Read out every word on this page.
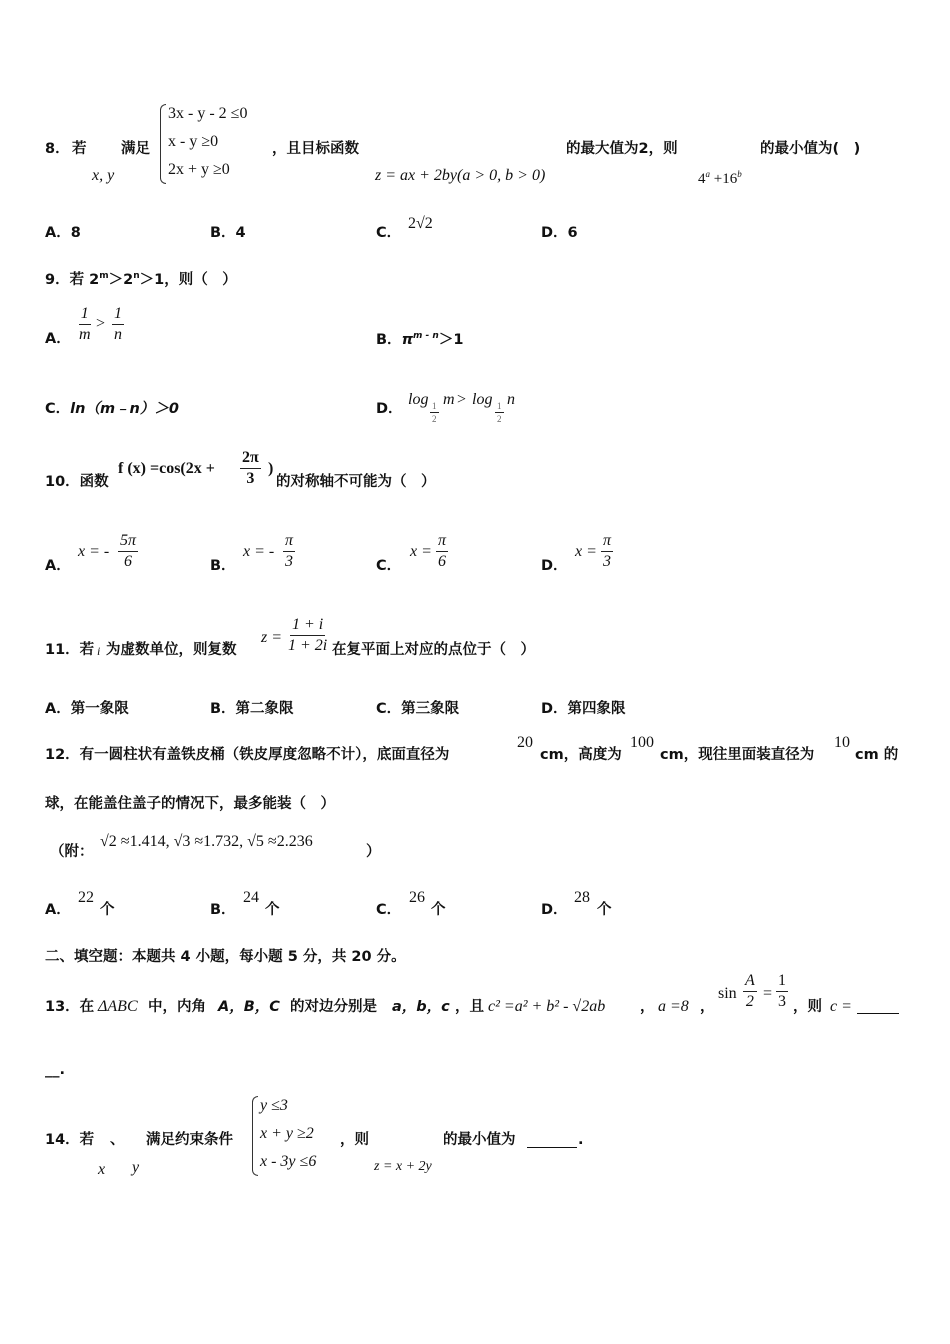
8． 若
x, y
满足
3x - y - 2 ≤0
x - y ≥0
2x + y ≥0
，且目标函数
z = ax + 2by(a > 0, b > 0)
的最大值为2，则
$4^a +16^b$
的最小值为(　)
A．8	B．4	C．
2√2
D．6
9．若 $2^m>2^n>1$，则（　）
A． $\frac{1}{m} > \frac{1}{n}$	B．$\pi^{m - n}>1$
C．ln（m﹣n）＞0	D．
log
$\frac{1}{2}$
m > log
$\frac{1}{2}$
n
10．函数
f $(x) =\cos(2x + \frac{2\pi}{3}$ )
的对称轴不可能为（　）
A．
x = - $\frac{5\pi}{6}$	B．
x = - $\frac{\pi}{3}$	C．
$x = \frac{\pi}{6}$	D．
$x = \frac{\pi}{3}$
11．若 i 为虚数单位，则复数
$z = \frac{1 + i}{1 + 2i}$ 在复平面上对应的点位于（　）
A．第一象限	B．第二象限	C．第三象限	D．第四象限
12．有一圆柱状有盖铁皮桶（铁皮厚度忽略不计），底面直径为
20
cm，高度为
100
cm，现往里面装直径为
10
cm 的
球，在能盖住盖子的情况下，最多能装（　）
（附：
√2 ≈1.414, √3 ≈1.732, √5 ≈2.236
）
A．
22
个	B．
24
个	C．
26
个	D．
28
个
二、填空题：本题共 4 小题，每小题 5 分，共 20 分。
13．在 ΔABC 中，内角 A，B，C 的对边分别是 a，b，c ，且 c² =a² + b² - √2ab ， a =8 ，
$\sin \frac{A}{2} = \frac{1}{3}$ ，则 c =
__.
14．若
x
、
y
满足约束条件
y ≤3
x + y ≥2
x - 3y ≤6
，则
z = x + 2y
的最小值为	.
